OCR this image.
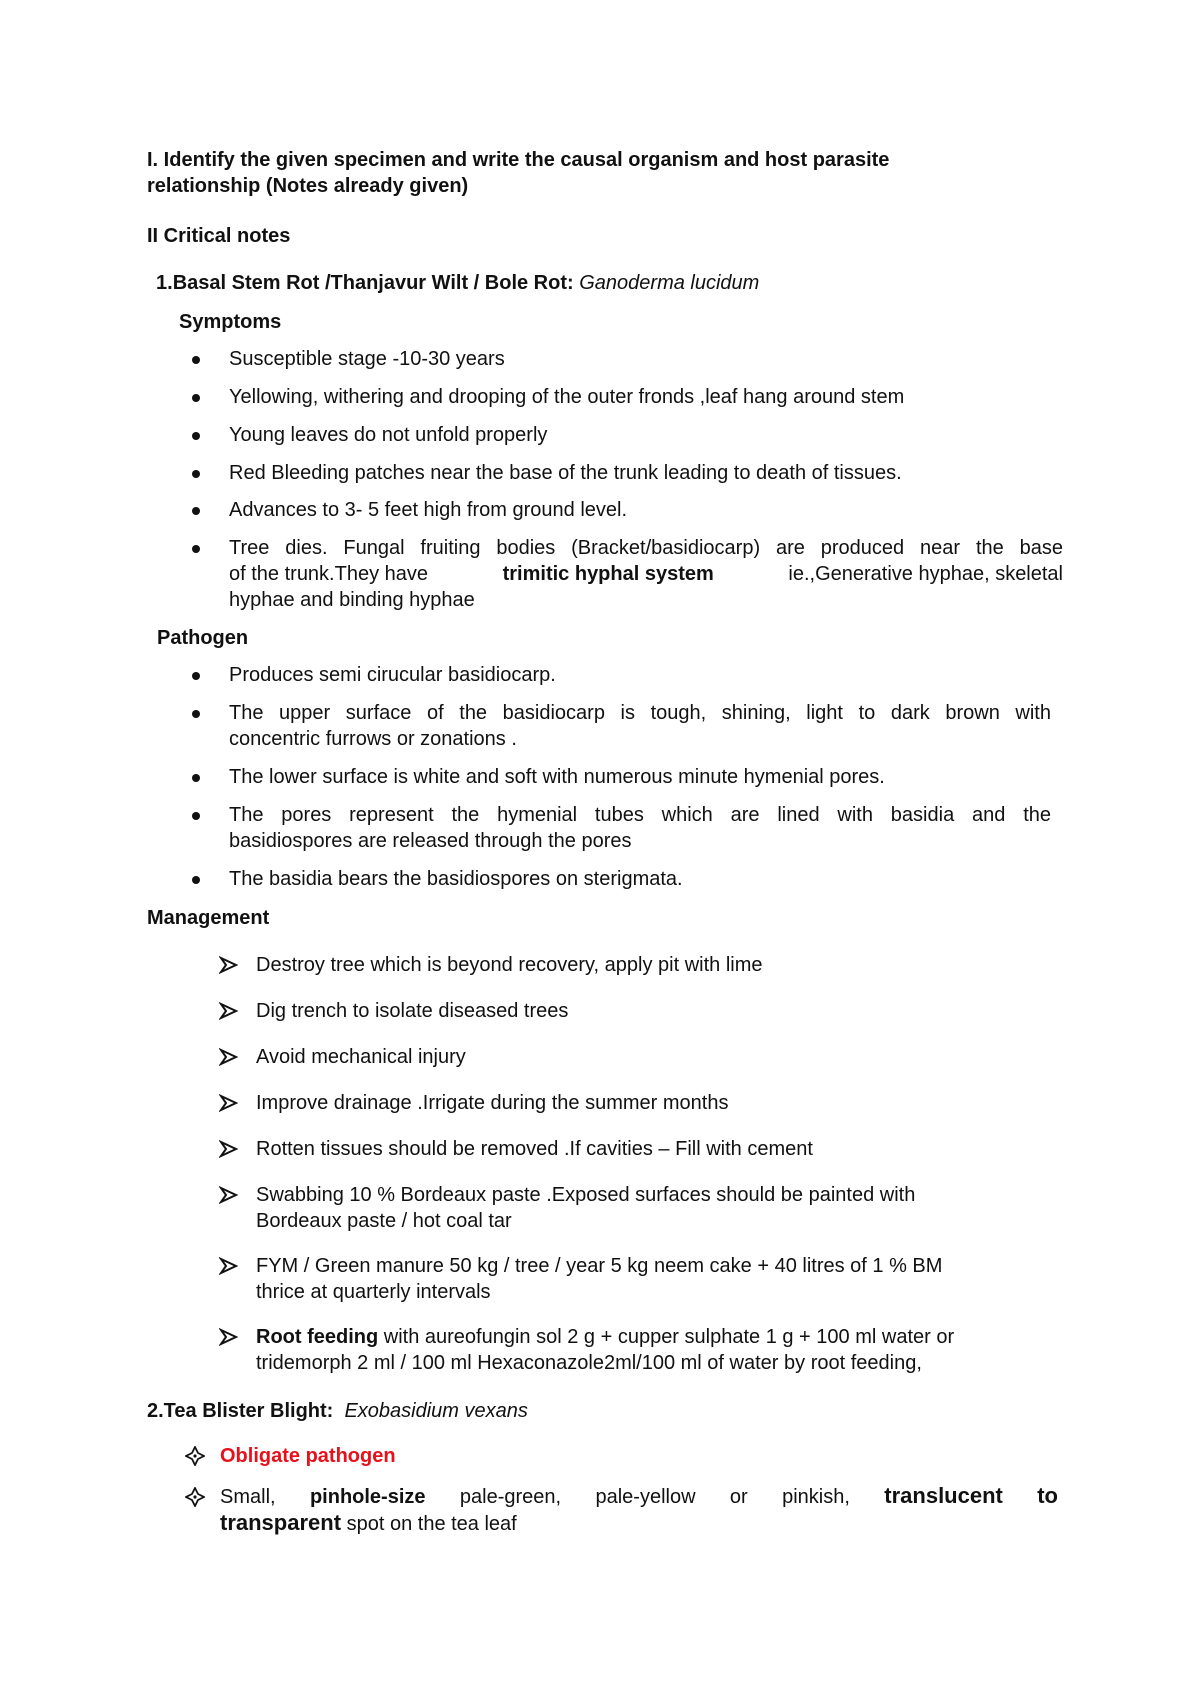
I. Identify the given specimen and write the causal organism and host parasite
relationship (Notes already given)
II Critical notes
1.Basal Stem Rot /Thanjavur Wilt / Bole Rot: Ganoderma lucidum
Symptoms
Susceptible stage -10-30 years
Yellowing, withering and drooping of the outer fronds ,leaf hang around stem
Young leaves do not unfold properly
Red Bleeding patches near the base of the trunk leading to death of tissues.
Advances to 3- 5 feet high from ground level.
Tree dies. Fungal fruiting bodies (Bracket/basidiocarp) are produced near the base
of the trunk.They have	trimitic hyphal system	ie.,Generative hyphae, skeletal
hyphae and binding hyphae
Pathogen
Produces semi cirucular basidiocarp.
The upper surface of the basidiocarp is tough, shining, light to dark brown with
concentric furrows or zonations .
The lower surface is white and soft with numerous minute hymenial pores.
The pores represent the hymenial tubes which are lined with basidia and the
basidiospores are released through the pores
The basidia bears the basidiospores on sterigmata.
Management
Destroy tree which is beyond recovery, apply pit with lime
Dig trench to isolate diseased trees
Avoid mechanical injury
Improve drainage .Irrigate during the summer months
Rotten tissues should be removed .If cavities – Fill with cement
Swabbing 10 % Bordeaux paste .Exposed surfaces should be painted with
Bordeaux paste / hot coal tar
FYM / Green manure 50 kg / tree / year 5 kg neem cake + 40 litres of 1 % BM
thrice at quarterly intervals
Root feeding with aureofungin sol 2 g + cupper sulphate 1 g + 100 ml water or
tridemorph 2 ml / 100 ml Hexaconazole2ml/100 ml of water by root feeding,
2.Tea Blister Blight:  Exobasidium vexans
Obligate pathogen
Small, pinhole-size pale-green, pale-yellow or pinkish, translucent to
transparent spot on the tea leaf
